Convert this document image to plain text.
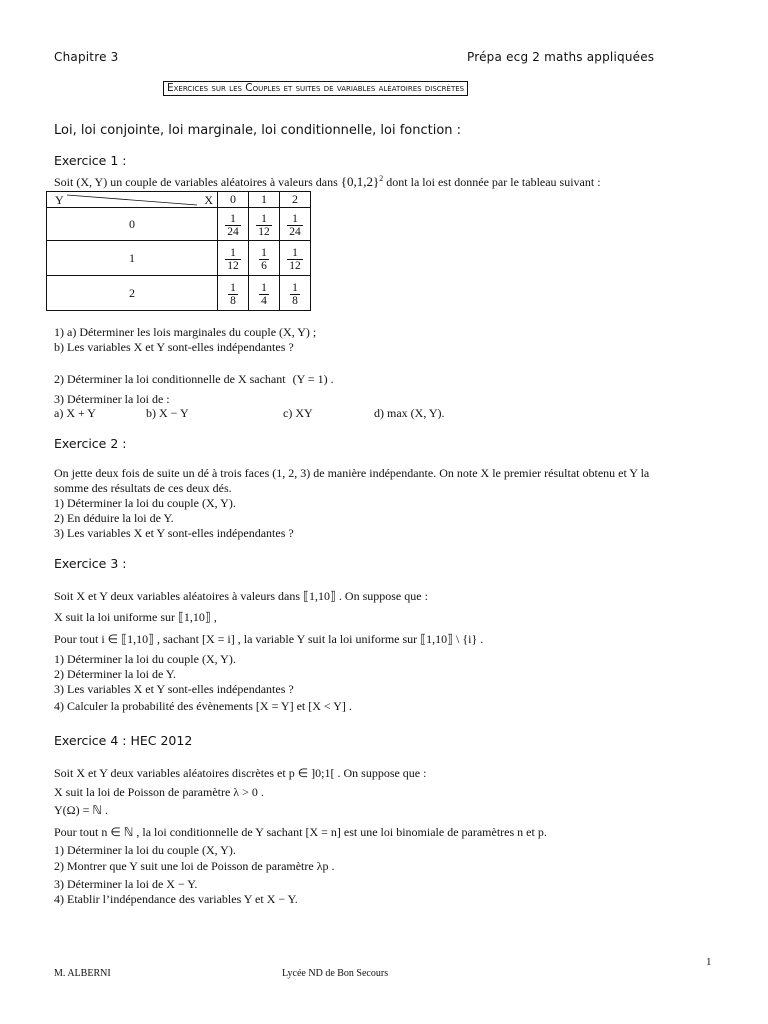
Chapitre 3	Prépa ecg 2 maths appliquées
Exercices sur les Couples et suites de variables aléatoires discrètes
Loi, loi conjointe, loi marginale, loi conditionnelle, loi fonction :
Exercice 1 :
Soit (X, Y) un couple de variables aléatoires à valeurs dans $\{0,1,2\}^2$ dont la loi est donnée par le tableau suivant :
Y X	0	1	2
0	$\frac{1}{24}$	$\frac{1}{12}$	$\frac{1}{24}$

1	$\frac{1}{12}$	$\frac{1}{6}$	$\frac{1}{12}$

2	$\frac{1}{8}$	$\frac{1}{4}$	$\frac{1}{8}$
1) a) Déterminer les lois marginales du couple (X, Y) ;
b) Les variables X et Y sont-elles indépendantes ?
2) Déterminer la loi conditionnelle de X sachant (Y = 1) .
3) Déterminer la loi de :
a) X + Y	b) X − Y	c) XY	d) max (X, Y).
Exercice 2 :
On jette deux fois de suite un dé à trois faces (1, 2, 3) de manière indépendante. On note X le premier résultat obtenu et Y la
somme des résultats de ces deux dés.
1) Déterminer la loi du couple (X, Y).
2) En déduire la loi de Y.
3) Les variables X et Y sont-elles indépendantes ?
Exercice 3 :
Soit X et Y deux variables aléatoires à valeurs dans ⟦1,10⟧ . On suppose que :
X suit la loi uniforme sur ⟦1,10⟧ ,
Pour tout i ∈ ⟦1,10⟧ , sachant [X = i] , la variable Y suit la loi uniforme sur ⟦1,10⟧ \ {i} .
1) Déterminer la loi du couple (X, Y).
2) Déterminer la loi de Y.
3) Les variables X et Y sont-elles indépendantes ?
4) Calculer la probabilité des évènements [X = Y] et [X < Y] .
Exercice 4 : HEC 2012
Soit X et Y deux variables aléatoires discrètes et p ∈ ]0;1[ . On suppose que :
X suit la loi de Poisson de paramètre λ > 0 .
Y(Ω) = ℕ .
Pour tout n ∈ ℕ , la loi conditionnelle de Y sachant [X = n] est une loi binomiale de paramètres n et p.
1) Déterminer la loi du couple (X, Y).
2) Montrer que Y suit une loi de Poisson de paramètre λp .
3) Déterminer la loi de X − Y.
4) Etablir l’indépendance des variables Y et X − Y.
1
M. ALBERNI	Lycée ND de Bon Secours
